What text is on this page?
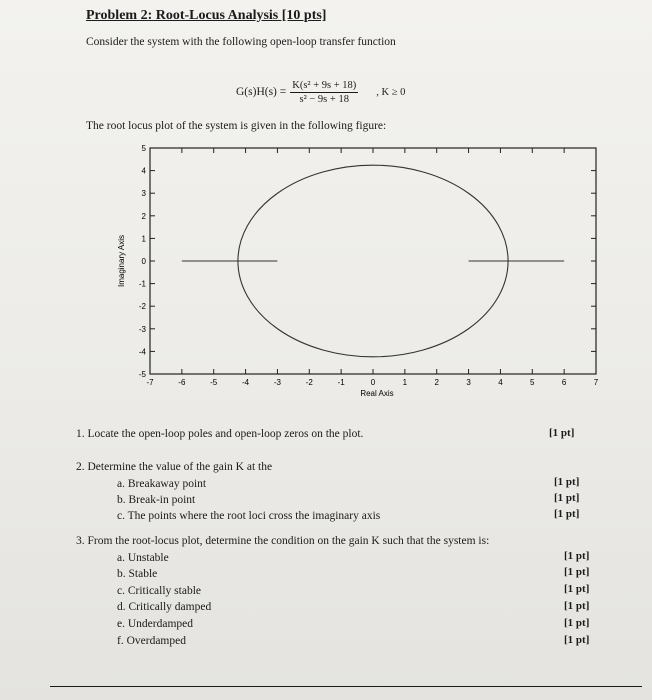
Problem 2: Root-Locus Analysis [10 pts]
Consider the system with the following open-loop transfer function
$G(s)H(s) = \frac{\text{K(s² + 9s + 18)}}{\text{s² − 9s + 18}}$ , K ≥ 0
The root locus plot of the system is given in the following figure:
-7	-6	-5	-4	-3	-2	-1	0	1	2	3	4	5	6	7
-5
-4
-3
-2
-1
0
1
2
3
4
5
Real Axis
Imaginary Axis
1. Locate the open-loop poles and open-loop zeros on the plot.	[1 pt]
2. Determine the value of the gain K at the
a. Breakaway point	[1 pt]
b. Break-in point	[1 pt]
c. The points where the root loci cross the imaginary axis	[1 pt]
3. From the root-locus plot, determine the condition on the gain K such that the system is:
a. Unstable	[1 pt]
b. Stable	[1 pt]
c. Critically stable	[1 pt]
d. Critically damped	[1 pt]
e. Underdamped	[1 pt]
f. Overdamped	[1 pt]
